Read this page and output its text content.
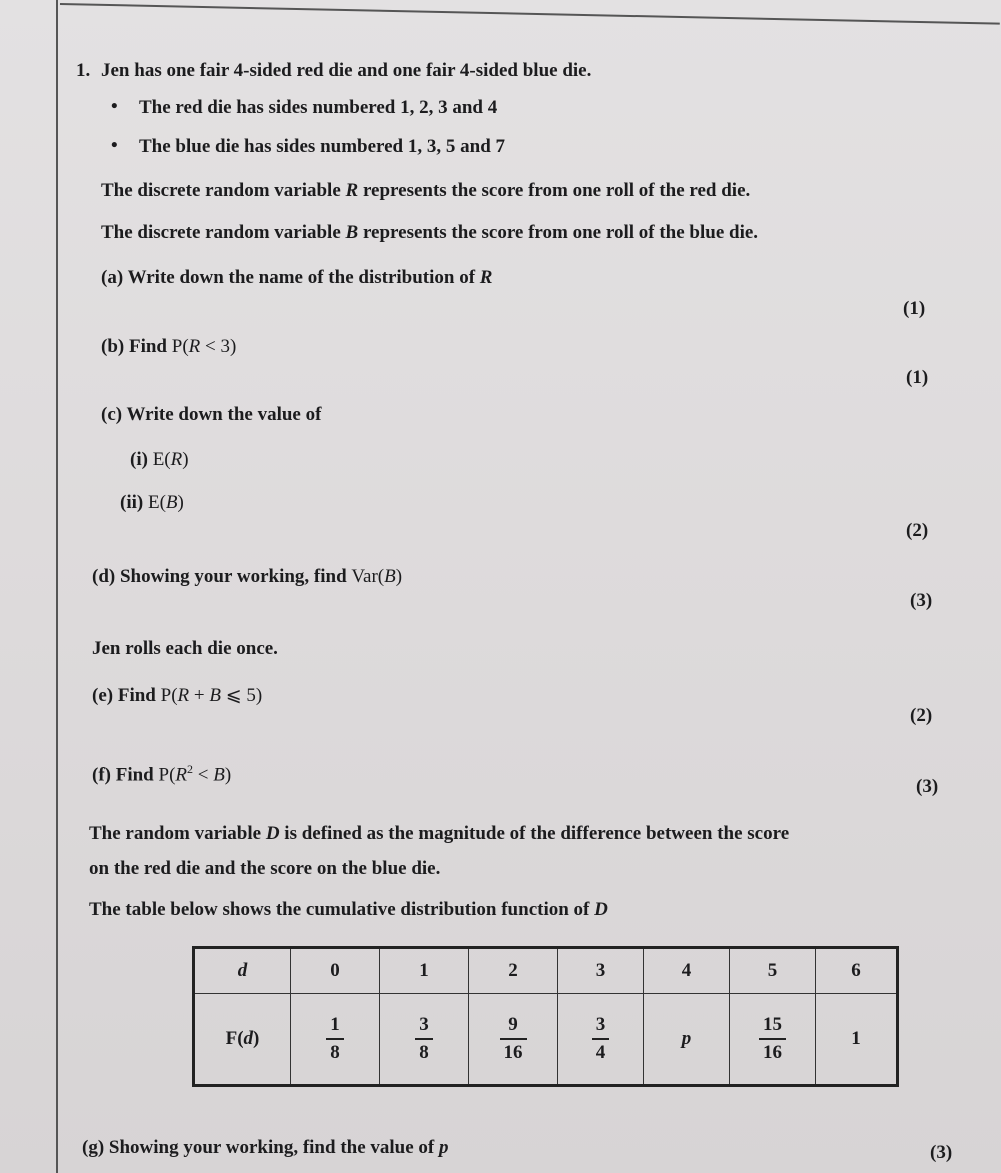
1. Jen has one fair 4-sided red die and one fair 4-sided blue die.
• The red die has sides numbered 1, 2, 3 and 4
• The blue die has sides numbered 1, 3, 5 and 7
The discrete random variable R represents the score from one roll of the red die.
The discrete random variable B represents the score from one roll of the blue die.
(a) Write down the name of the distribution of R
(1)
(b) Find P(R < 3)
(1)
(c) Write down the value of
(i) E(R)
(ii) E(B)
(2)
(d) Showing your working, find Var(B)
(3)
Jen rolls each die once.
(e) Find P(R + B ⩽ 5)
(2)
(f) Find $P(R^2 < B)$
(3)
The random variable D is defined as the magnitude of the difference between the score
on the red die and the score on the blue die.
The table below shows the cumulative distribution function of D
d	0	1	2	3	4	5	6
F(d)	$\frac{1}{8}$	$\frac{3}{8}$	$\frac{9}{16}$	$\frac{3}{4}$	p	$\frac{15}{16}$	1
(g) Showing your working, find the value of p	(3)
